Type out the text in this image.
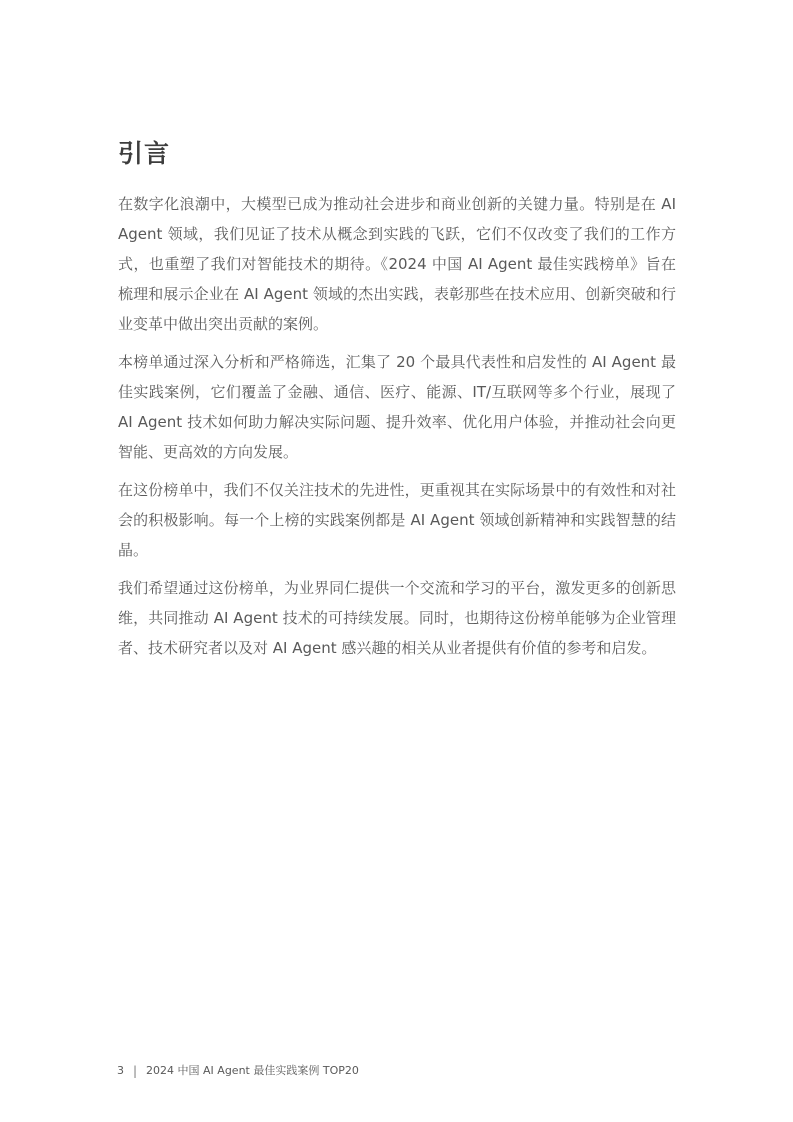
引言

在数字化浪潮中，大模型已成为推动社会进步和商业创新的关键力量。特别是在 AI Agent 领域，我们见证了技术从概念到实践的飞跃，它们不仅改变了我们的工作方式，也重塑了我们对智能技术的期待。《2024 中国 AI Agent 最佳实践榜单》旨在梳理和展示企业在 AI Agent 领域的杰出实践，表彰那些在技术应用、创新突破和行业变革中做出突出贡献的案例。

本榜单通过深入分析和严格筛选，汇集了 20 个最具代表性和启发性的 AI Agent 最佳实践案例，它们覆盖了金融、通信、医疗、能源、IT/互联网等多个行业，展现了 AI Agent 技术如何助力解决实际问题、提升效率、优化用户体验，并推动社会向更智能、更高效的方向发展。

在这份榜单中，我们不仅关注技术的先进性，更重视其在实际场景中的有效性和对社会的积极影响。每一个上榜的实践案例都是 AI Agent 领域创新精神和实践智慧的结晶。

我们希望通过这份榜单，为业界同仁提供一个交流和学习的平台，激发更多的创新思维，共同推动 AI Agent 技术的可持续发展。同时，也期待这份榜单能够为企业管理者、技术研究者以及对 AI Agent 感兴趣的相关从业者提供有价值的参考和启发。

3 | 2024 中国 AI Agent 最佳实践案例 TOP20
